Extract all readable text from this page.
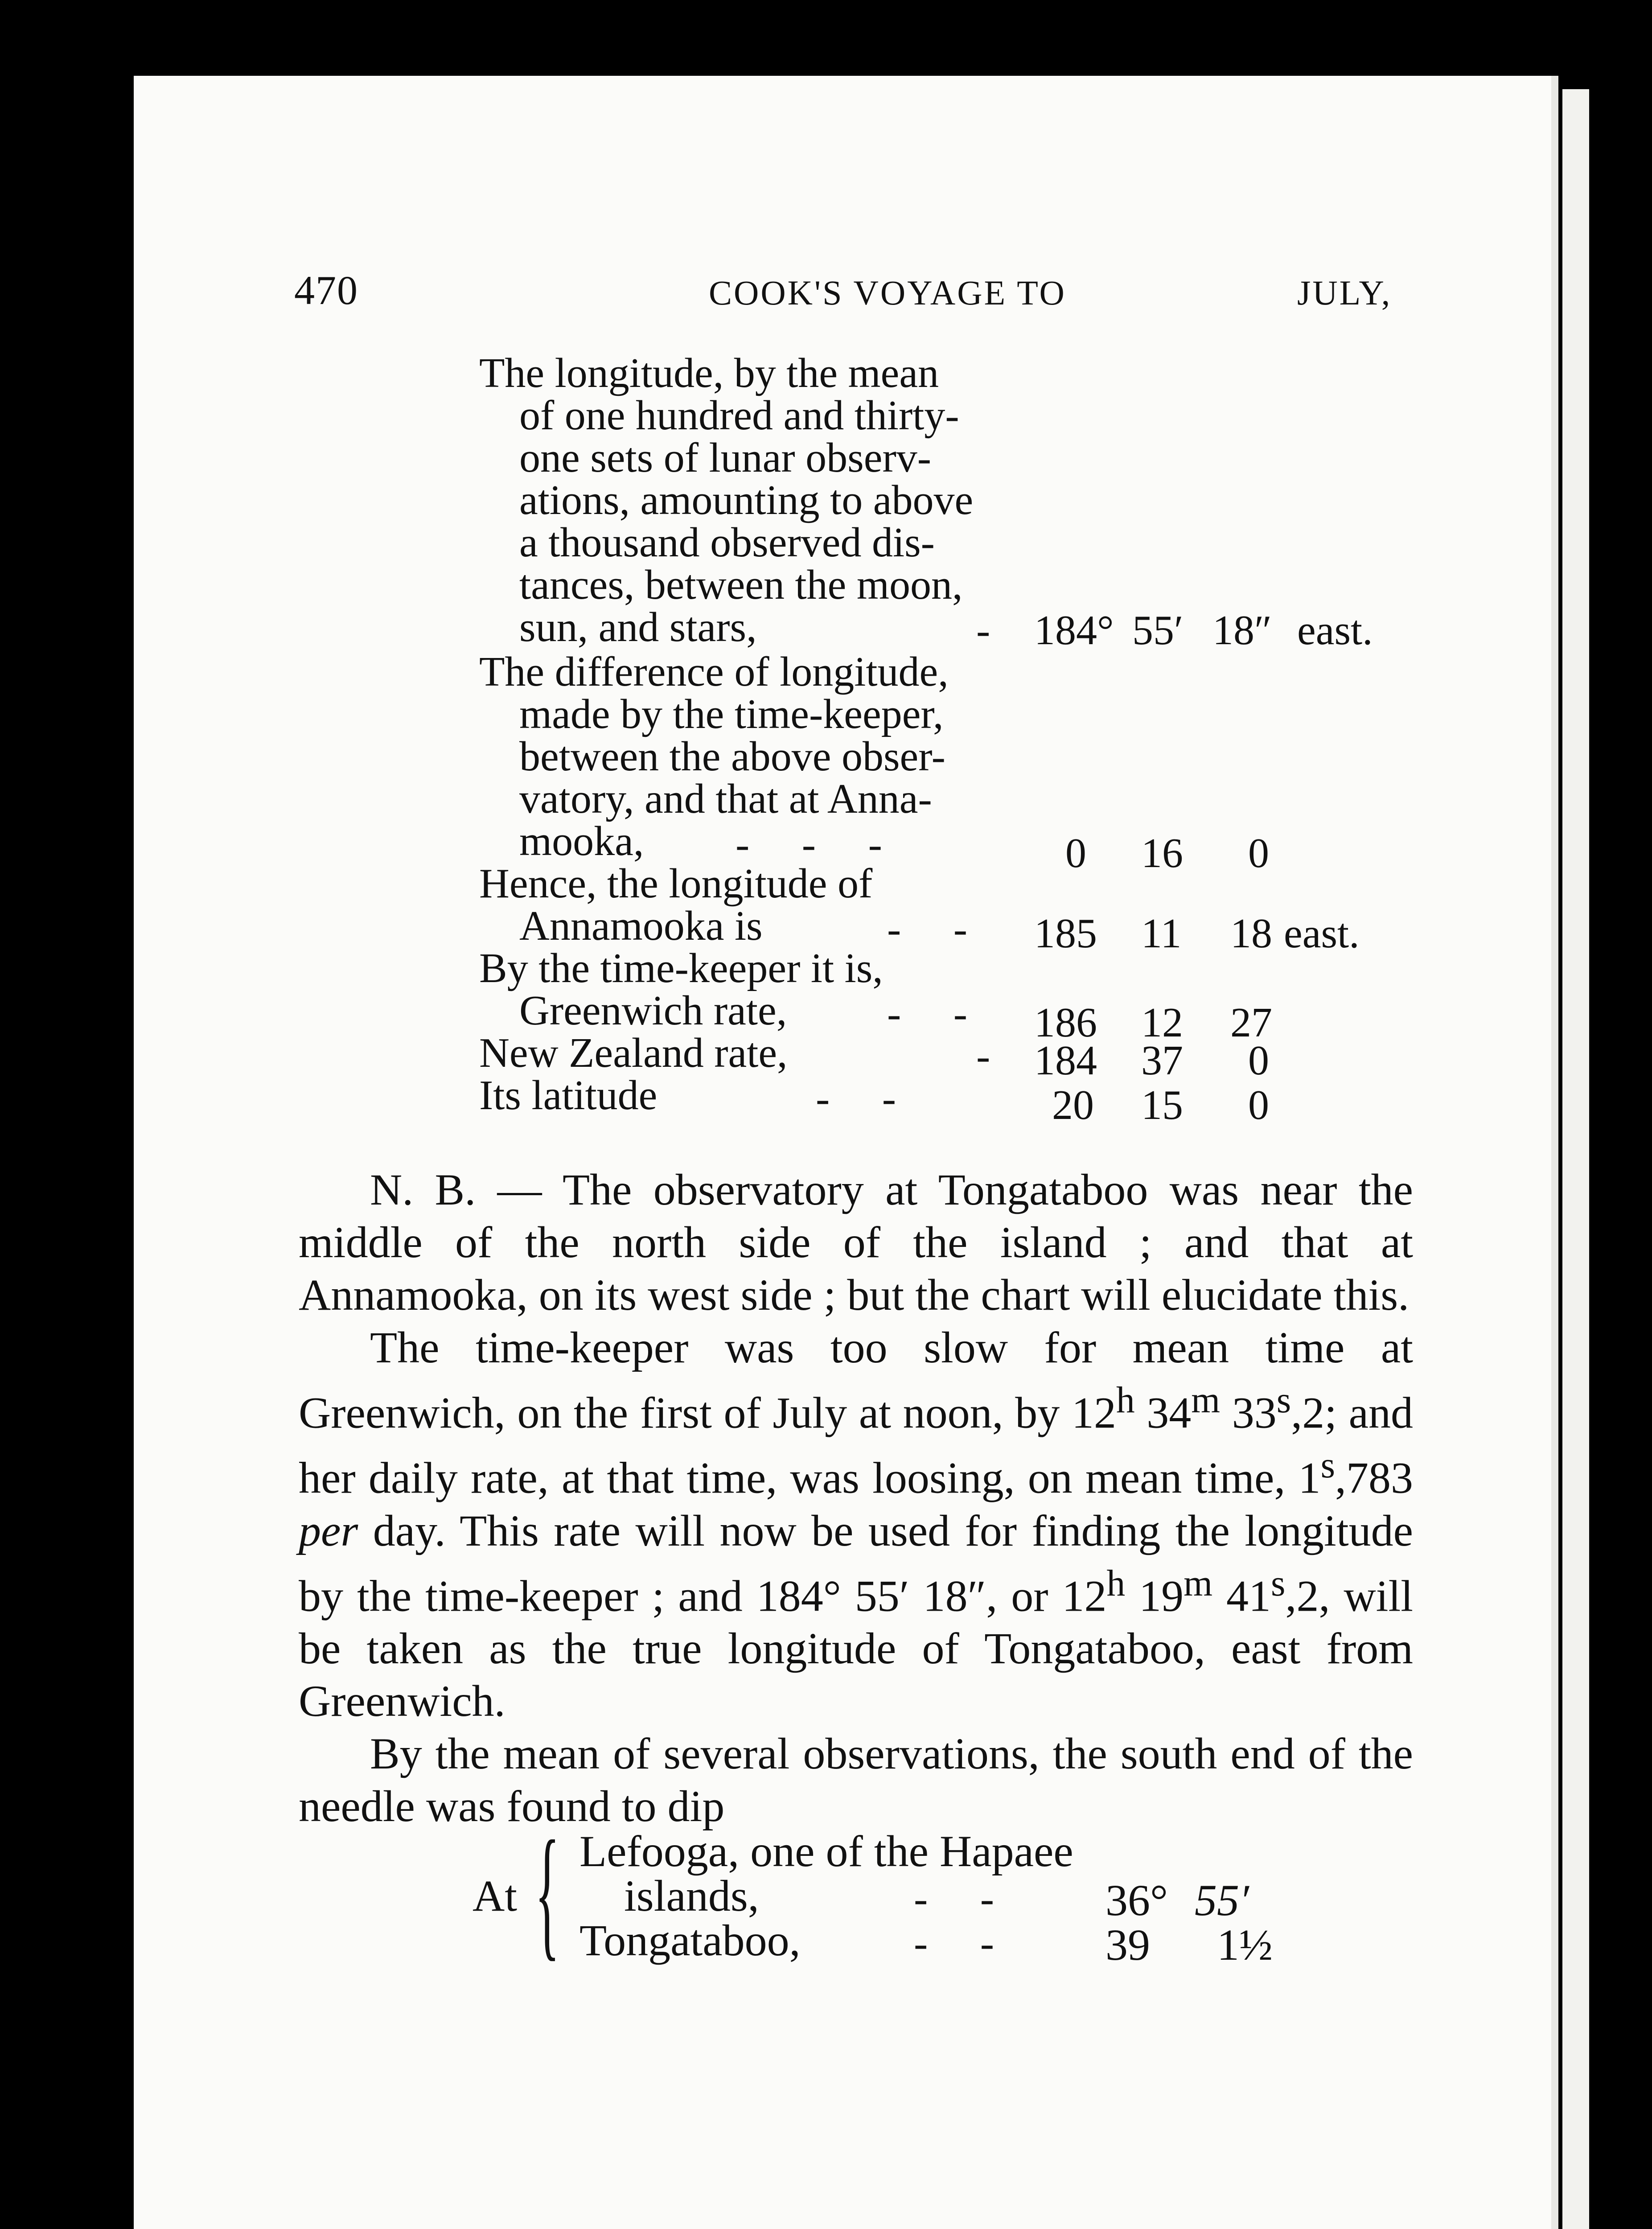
470	COOK'S VOYAGE TO	JULY,
The longitude, by the mean
of one hundred and thirty-
one sets of lunar observ-
ations, amounting to above
a thousand observed dis-
tances, between the moon,
sun, and stars,	- 184° 55′ 18″ east.
The difference of longitude,
made by the time-keeper,
between the above obser-
vatory, and that at Anna-
mooka, -     -     -	0 16 0
Hence, the longitude of
Annamooka is	-     - 185 11 18 east.
By the time-keeper it is,
Greenwich rate, -     - 186 12 27
New Zealand rate,	- 184 37 0
Its latitude	-     -	20 15 0

N. B. — The observatory at Tongataboo was near the middle of the north side of the island ; and that at Annamooka, on its west side ; but the chart will elucidate this.

The time-keeper was too slow for mean time at Greenwich, on the first of July at noon, by 12$^h$ 34$^m$ 33$^s$,2; and her daily rate, at that time, was loosing, on mean time, 1$^s$,783 per day. This rate will now be used for finding the longitude by the time-keeper ; and 184° 55′ 18″, or 12$^h$ 19$^m$ 41$^s$,2, will be taken as the true longitude of Tongataboo, east from Greenwich.

By the mean of several observations, the south end of the needle was found to dip

At { Lefooga, one of the Hapaee
islands,	-     - 36° 55′
Tongataboo,	-     - 39 1½
